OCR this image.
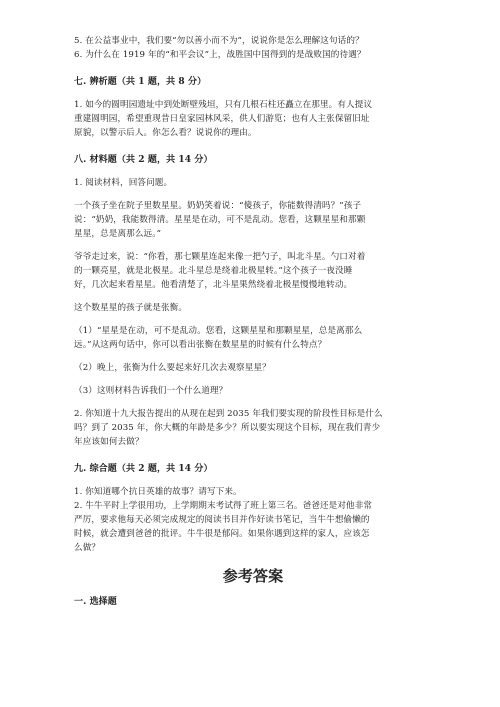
5. 在公益事业中，我们要“勿以善小而不为”，说说你是怎么理解这句话的？

6. 为什么在 1919 年的“和平会议”上，战胜国中国得到的是战败国的待遇？

七. 辨析题（共 1 题，共 8 分）

1. 如今的圆明园遗址中到处断壁残垣，只有几根石柱还矗立在那里。有人提议

重建圆明园，希望重现昔日皇家园林风采，供人们游览；也有人主张保留旧址

原貌，以警示后人。你怎么看？说说你的理由。

八. 材料题（共 2 题，共 14 分）

1. 阅读材料，回答问题。

一个孩子坐在院子里数星星。奶奶笑着说：“傻孩子，你能数得清吗？”孩子

说：“奶奶，我能数得清。星星是在动，可不是乱动。您看，这颗星星和那颗

星星，总是离那么远。”

爷爷走过来，说：“你看，那七颗星连起来像一把勺子，叫北斗星。勺口对着

的一颗亮星，就是北极星。北斗星总是绕着北极星转。”这个孩子一夜没睡

好，几次起来看星星。他看清楚了，北斗星果然绕着北极星慢慢地转动。

这个数星星的孩子就是张衡。

（1）“星星是在动，可不是乱动。您看，这颗星星和那颗星星，总是离那么

远。”从这两句话中，你可以看出张衡在数星星的时候有什么特点？

（2）晚上，张衡为什么要起来好几次去观察星星？

（3）这则材料告诉我们一个什么道理？

2. 你知道十九大报告提出的从现在起到 2035 年我们要实现的阶段性目标是什么

吗？到了 2035 年，你大概的年龄是多少？所以要实现这个目标，现在我们青少

年应该如何去做？

九. 综合题（共 2 题，共 14 分）

1. 你知道哪个抗日英雄的故事？请写下来。

2. 牛牛平时上学很用功，上学期期末考试得了班上第三名。爸爸还是对他非常

严厉，要求他每天必须完成规定的阅读书目并作好读书笔记，当牛牛想偷懒的

时候，就会遭到爸爸的批评。牛牛很是郁闷。如果你遇到这样的家人，应该怎

么做？

参考答案

一. 选择题
